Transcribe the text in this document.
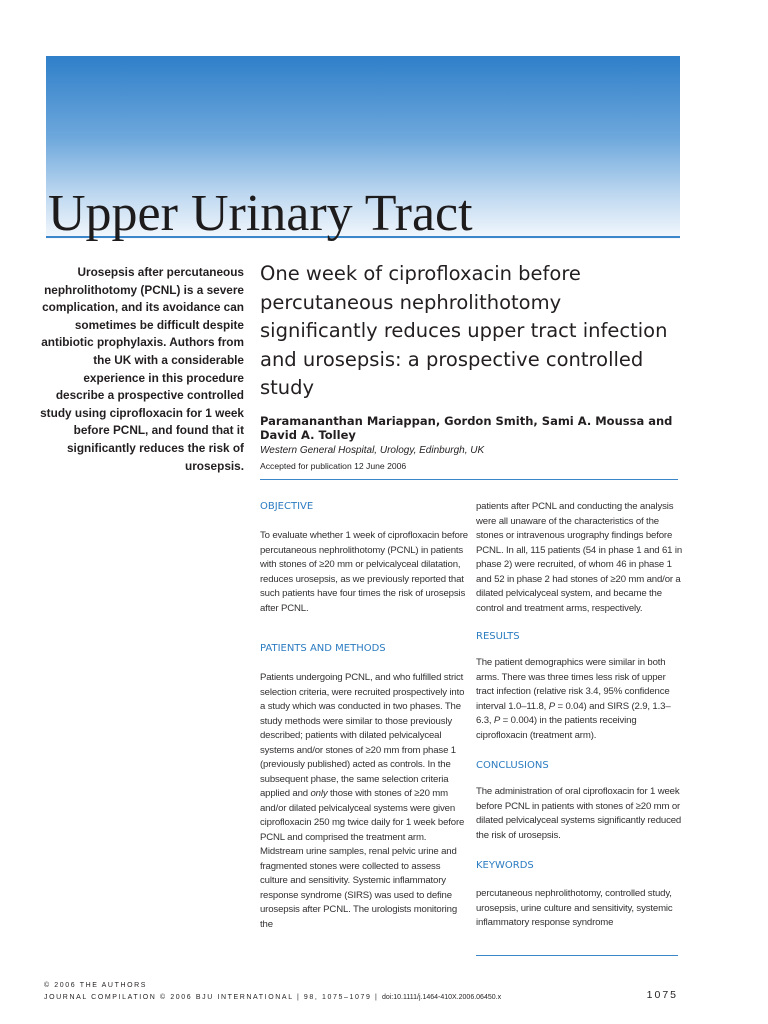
Upper Urinary Tract
Urosepsis after percutaneous nephrolithotomy (PCNL) is a severe complication, and its avoidance can sometimes be difficult despite antibiotic prophylaxis. Authors from the UK with a considerable experience in this procedure describe a prospective controlled study using ciprofloxacin for 1 week before PCNL, and found that it significantly reduces the risk of urosepsis.
One week of ciprofloxacin before percutaneous nephrolithotomy significantly reduces upper tract infection and urosepsis: a prospective controlled study
Paramananthan Mariappan, Gordon Smith, Sami A. Moussa and David A. Tolley
Western General Hospital, Urology, Edinburgh, UK
Accepted for publication 12 June 2006
OBJECTIVE
To evaluate whether 1 week of ciprofloxacin before percutaneous nephrolithotomy (PCNL) in patients with stones of ≥20 mm or pelvicalyceal dilatation, reduces urosepsis, as we previously reported that such patients have four times the risk of urosepsis after PCNL.
PATIENTS AND METHODS
Patients undergoing PCNL, and who fulfilled strict selection criteria, were recruited prospectively into a study which was conducted in two phases. The study methods were similar to those previously described; patients with dilated pelvicalyceal systems and/or stones of ≥20 mm from phase 1 (previously published) acted as controls. In the subsequent phase, the same selection criteria applied and only those with stones of ≥20 mm and/or dilated pelvicalyceal systems were given ciprofloxacin 250 mg twice daily for 1 week before PCNL and comprised the treatment arm. Midstream urine samples, renal pelvic urine and fragmented stones were collected to assess culture and sensitivity. Systemic inflammatory response syndrome (SIRS) was used to define urosepsis after PCNL. The urologists monitoring the
patients after PCNL and conducting the analysis were all unaware of the characteristics of the stones or intravenous urography findings before PCNL. In all, 115 patients (54 in phase 1 and 61 in phase 2) were recruited, of whom 46 in phase 1 and 52 in phase 2 had stones of ≥20 mm and/or a dilated pelvicalyceal system, and became the control and treatment arms, respectively.
RESULTS
The patient demographics were similar in both arms. There was three times less risk of upper tract infection (relative risk 3.4, 95% confidence interval 1.0–11.8, P = 0.04) and SIRS (2.9, 1.3–6.3, P = 0.004) in the patients receiving ciprofloxacin (treatment arm).
CONCLUSIONS
The administration of oral ciprofloxacin for 1 week before PCNL in patients with stones of ≥20 mm or dilated pelvicalyceal systems significantly reduced the risk of urosepsis.
KEYWORDS
percutaneous nephrolithotomy, controlled study, urosepsis, urine culture and sensitivity, systemic inflammatory response syndrome
© 2006 THE AUTHORS
JOURNAL COMPILATION © 2006 BJU INTERNATIONAL | 98, 1075–1079 | doi:10.1111/j.1464-410X.2006.06450.x	1075
